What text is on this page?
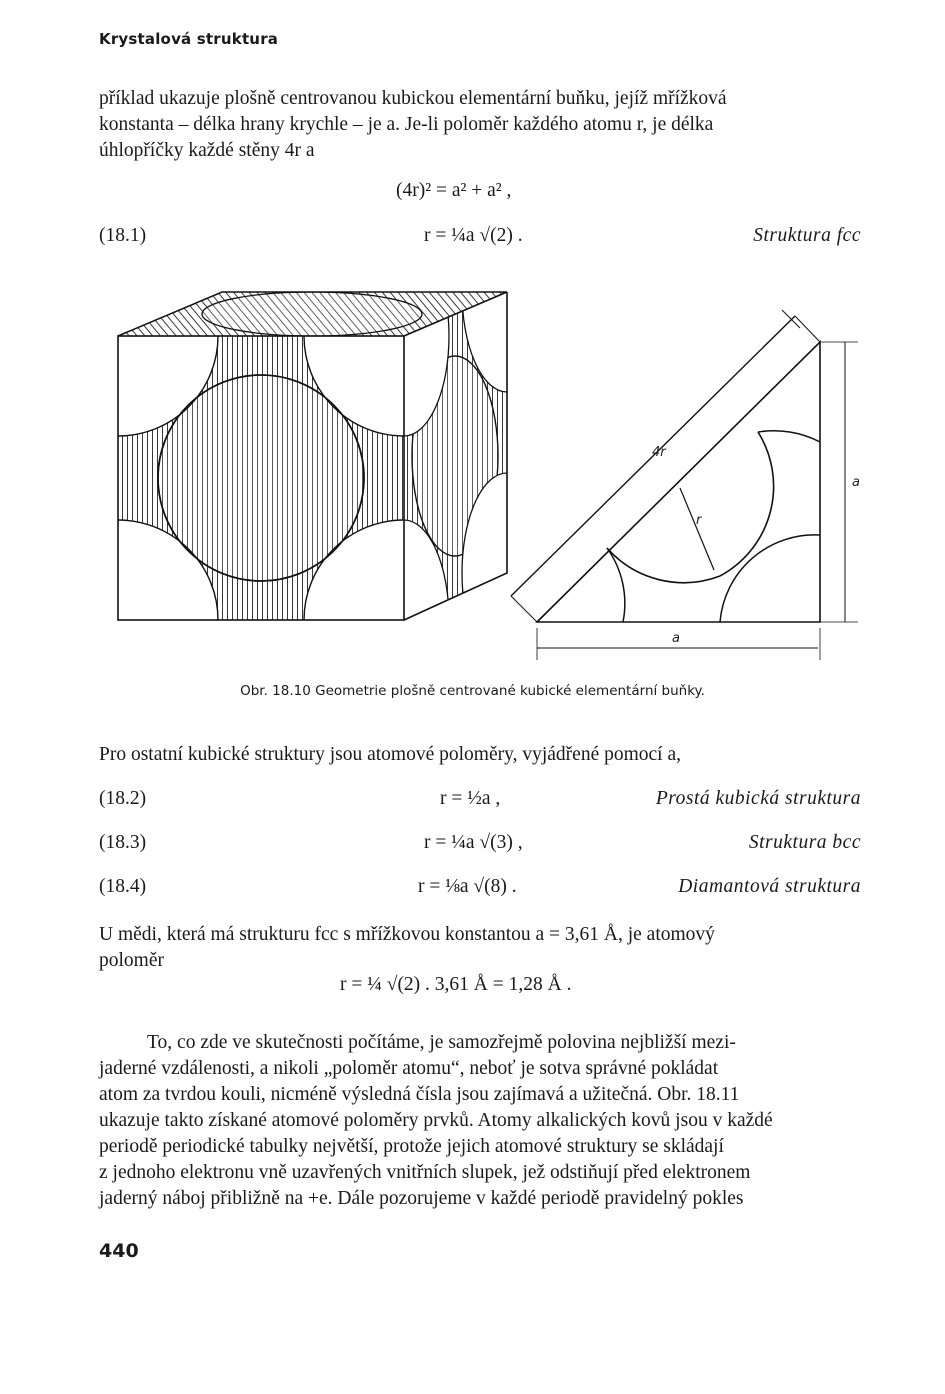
Krystalová struktura
příklad ukazuje plošně centrovanou kubickou elementární buňku, jejíž mřížková
konstanta – délka hrany krychle – je a. Je-li poloměr každého atomu r, je délka
úhlopříčky každé stěny 4r a
(4r)² = a² + a² ,
(18.1)	r = ¼a √(2) .	Struktura fcc
4r
r
a
a
Obr. 18.10 Geometrie plošně centrované kubické elementární buňky.
Pro ostatní kubické struktury jsou atomové poloměry, vyjádřené pomocí a,
(18.2)	r = ½a ,	Prostá kubická struktura
(18.3)	r = ¼a √(3) ,	Struktura bcc
(18.4)	r = ⅛a √(8) .	Diamantová struktura
U mědi, která má strukturu fcc s mřížkovou konstantou a = 3,61 Å, je atomový
poloměr
r = ¼ √(2) . 3,61 Å = 1,28 Å .
To, co zde ve skutečnosti počítáme, je samozřejmě polovina nejbližší mezi-
jaderné vzdálenosti, a nikoli „poloměr atomu“, neboť je sotva správné pokládat
atom za tvrdou kouli, nicméně výsledná čísla jsou zajímavá a užitečná. Obr. 18.11
ukazuje takto získané atomové poloměry prvků. Atomy alkalických kovů jsou v každé
periodě periodické tabulky největší, protože jejich atomové struktury se skládají
z jednoho elektronu vně uzavřených vnitřních slupek, jež odstiňují před elektronem
jaderný náboj přibližně na +e. Dále pozorujeme v každé periodě pravidelný pokles
440
